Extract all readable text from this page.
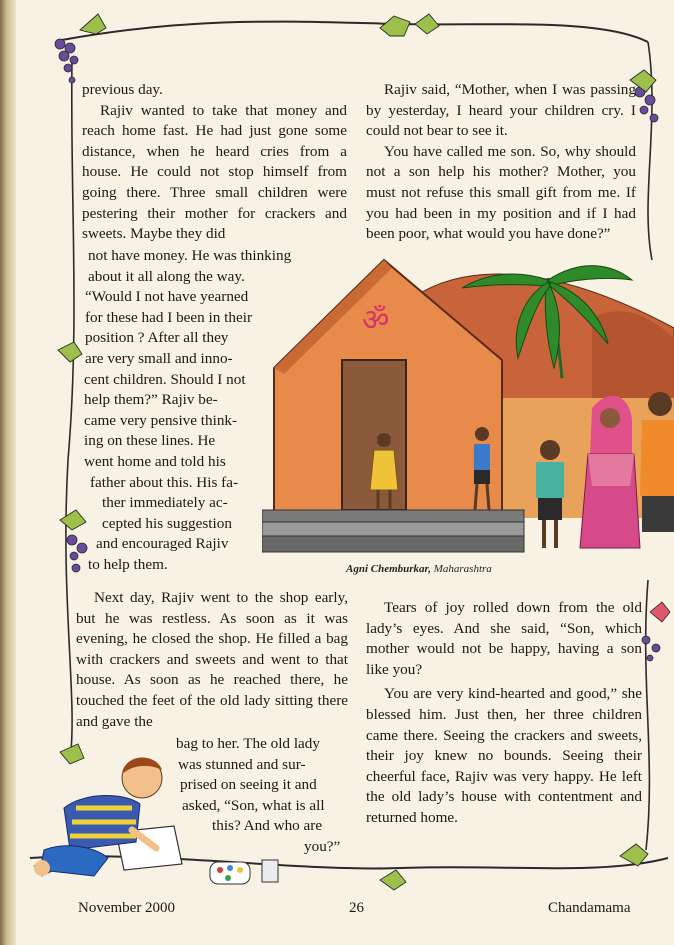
previous day.

Rajiv wanted to take that money and reach home fast. He had just gone some distance, when he heard cries from a house. He could not stop himself from going there. Three small children were pestering their mother for crackers and sweets. Maybe they did

not have money. He was thinking
about it all along the way.
“Would I not have yearned
for these had I been in their
position ? After all they
are very small and inno-
cent children. Should I not
help them?” Rajiv be-
came very pensive think-
ing on these lines. He
went home and told his
father about this. His fa-
ther immediately ac-
cepted his suggestion
and encouraged Rajiv
to help them.

Next day, Rajiv went to the shop early, but he was restless. As soon as it was evening, he closed the shop. He filled a bag with crackers and sweets and went to that house. As soon as he reached there, he touched the feet of the old lady sitting there and gave the

bag to her. The old lady
was stunned and sur-
prised on seeing it and
asked, “Son, what is all
this? And who are
you?”

Rajiv said, “Mother, when I was passing by yesterday, I heard your children cry. I could not bear to see it.

You have called me son. So, why should not a son help his mother? Mother, you must not refuse this small gift from me. If you had been in my position and if I had been poor, what would you have done?”

ॐ
Agni Chemburkar, Maharashtra

Tears of joy rolled down from the old lady’s eyes. And she said, “Son, which mother would not be happy, having a son like you?

You are very kind-hearted and good,” she blessed him. Just then, her three children came there. Seeing the crackers and sweets, their joy knew no bounds. Seeing their cheerful face, Rajiv was very happy. He left the old lady’s house with contentment and returned home.

November 2000	26	Chandamama
